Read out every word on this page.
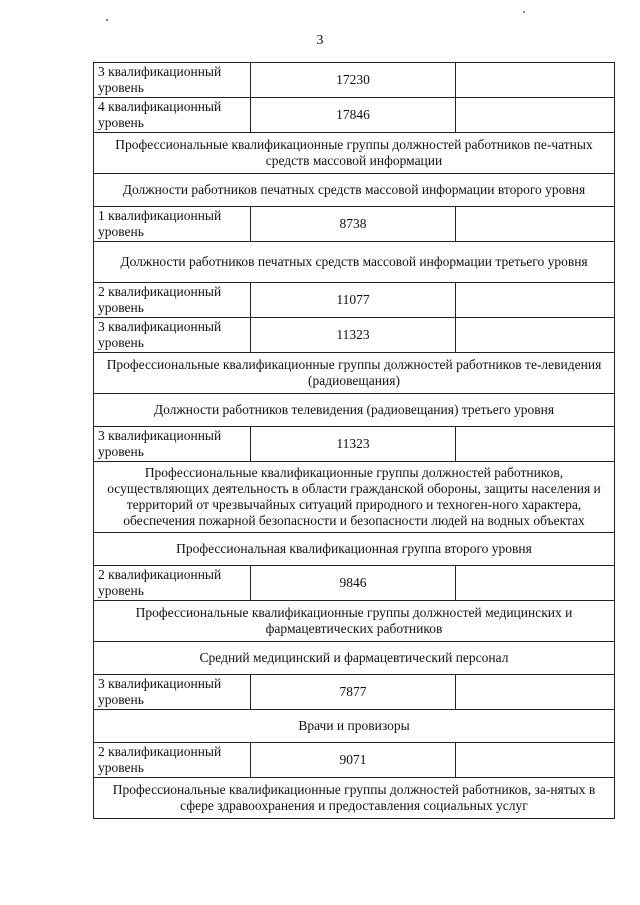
3
3 квалификационный уровень	17230	
4 квалификационный уровень	17846	
Профессиональные квалификационные группы должностей работников пе-чатных средств массовой информации		
Должности работников печатных средств массовой информации второго уровня		
1 квалификационный уровень	8738	
Должности работников печатных средств массовой информации третьего уровня		
2 квалификационный уровень	11077	
3 квалификационный уровень	11323	
Профессиональные квалификационные группы должностей работников те-левидения (радиовещания)		
Должности работников телевидения (радиовещания) третьего уровня		
3 квалификационный уровень	11323	
Профессиональные квалификационные группы должностей работников, осуществляющих деятельность в области гражданской обороны, защиты населения и территорий от чрезвычайных ситуаций природного и техноген-ного характера, обеспечения пожарной безопасности и безопасности людей на водных объектах		
Профессиональная квалификационная группа второго уровня		
2 квалификационный уровень	9846	
Профессиональные квалификационные группы должностей медицинских и фармацевтических работников		
Средний медицинский и фармацевтический персонал		
3 квалификационный уровень	7877	
Врачи и провизоры		
2 квалификационный уровень	9071	
Профессиональные квалификационные группы должностей работников, за-нятых в сфере здравоохранения и предоставления социальных услуг		
